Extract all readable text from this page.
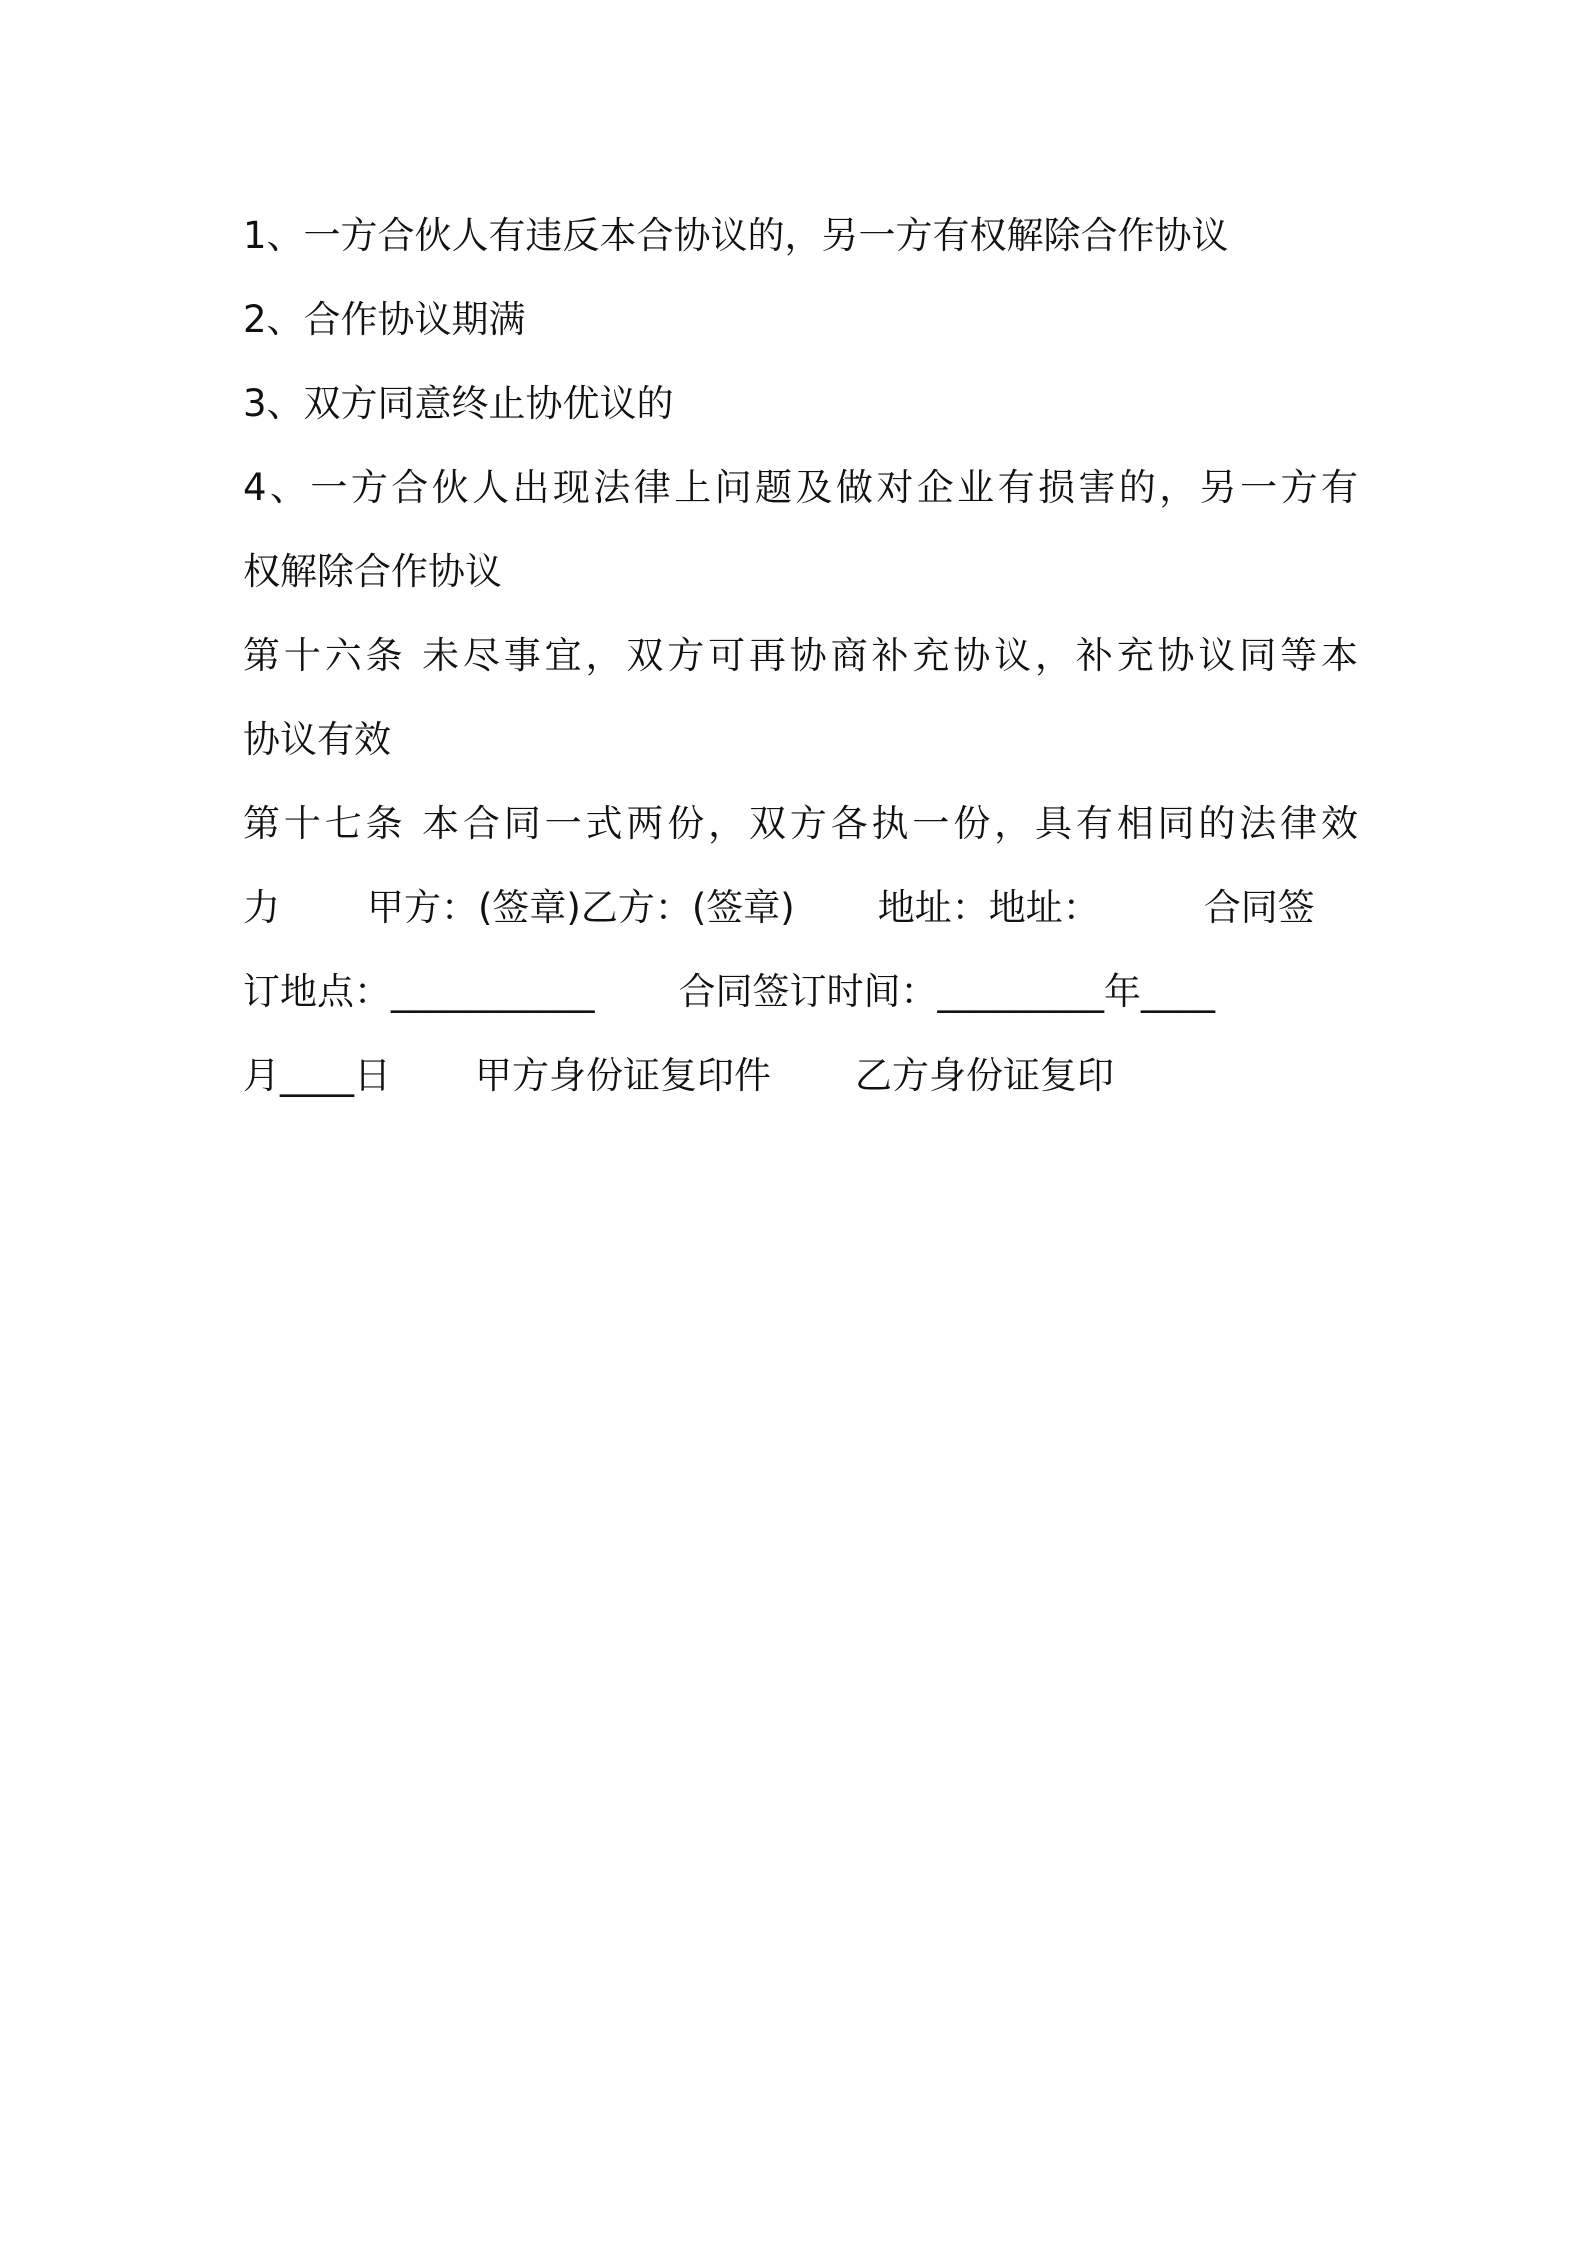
1、一方合伙人有违反本合协议的，另一方有权解除合作协议
2、合作协议期满
3、双方同意终止协优议的
4、一方合伙人出现法律上问题及做对企业有损害的，另一方有
权解除合作协议
第十六条 未尽事宜，双方可再协商补充协议，补充协议同等本
协议有效
第十七条 本合同一式两份，双方各执一份，具有相同的法律效
力 甲方：(签章)乙方：(签章) 地址：地址：	合同签
订地点：___________ 合同签订时间：_________年____
月____日 甲方身份证复印件 乙方身份证复印
